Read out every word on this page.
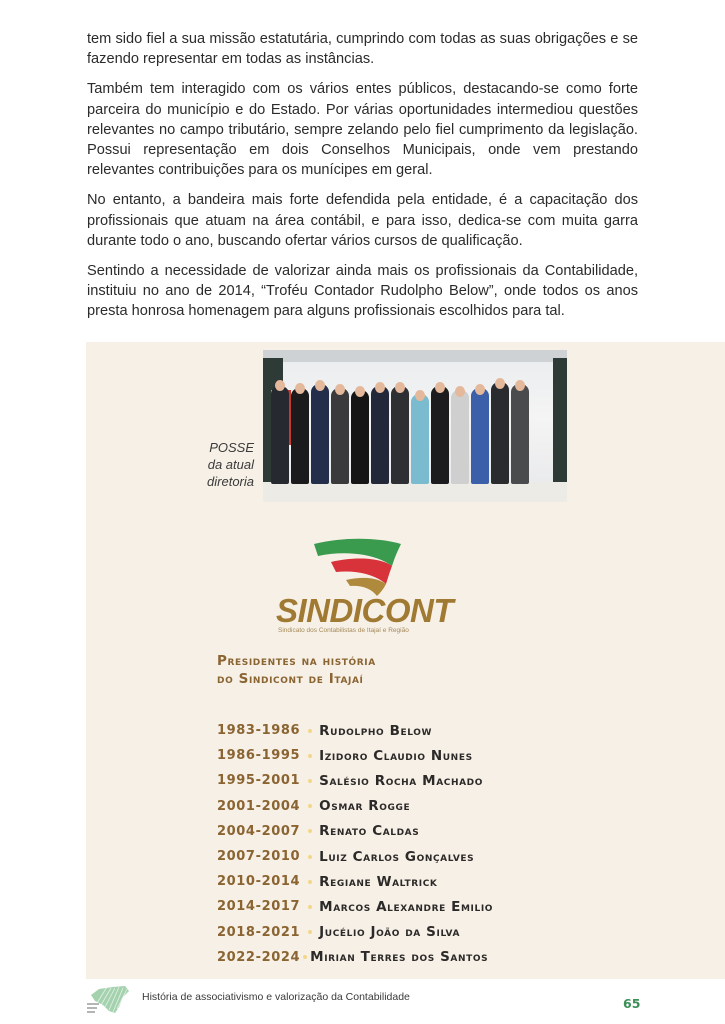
tem sido fiel a sua missão estatutária, cumprindo com todas as suas obrigações e se fazendo representar em todas as instâncias.

Também tem interagido com os vários entes públicos, destacando-se como forte parceira do município e do Estado. Por várias oportunidades intermediou questões relevantes no campo tributário, sempre zelando pelo fiel cumprimento da legislação. Possui representação em dois Conselhos Municipais, onde vem prestando relevantes contribuições para os munícipes em geral.

No entanto, a bandeira mais forte defendida pela entidade, é a capacitação dos profissionais que atuam na área contábil, e para isso, dedica-se com muita garra durante todo o ano, buscando ofertar vários cursos de qualificação.

Sentindo a necessidade de valorizar ainda mais os profissionais da Contabilidade, instituiu no ano de 2014, “Troféu Contador Rudolpho Below”, onde todos os anos presta honrosa homenagem para alguns profissionais escolhidos para tal.

POSSE
da atual
diretoria
SINDICONT
Sindicato dos Contabilistas de Itajaí e Região
Presidentes na história
do Sindicont de Itajaí
1983-1986 Rudolpho Below
1986-1995 Izidoro Claudio Nunes
1995-2001 Salésio Rocha Machado
2001-2004 Osmar Rogge
2004-2007 Renato Caldas
2007-2010 Luiz Carlos Gonçalves
2010-2014 Regiane Waltrick
2014-2017 Marcos Alexandre Emilio
2018-2021 Jucélio João da Silva
2022-2024 Mirian Terres dos Santos
História de associativismo e valorização da Contabilidade	65
